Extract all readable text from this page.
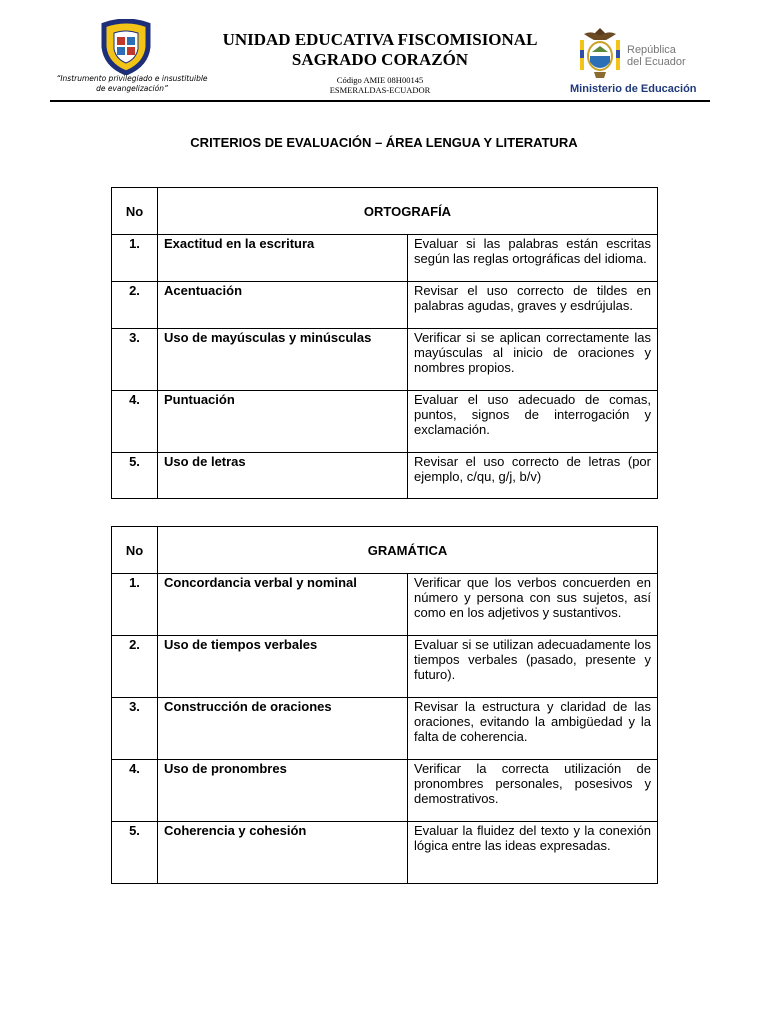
“Instrumento privilegiado e insustituible
de evangelización”
UNIDAD EDUCATIVA FISCOMISIONAL
SAGRADO CORAZÓN
Código AMIE 08H00145
ESMERALDAS-ECUADOR
República
del Ecuador
Ministerio de Educación
CRITERIOS DE EVALUACIÓN – ÁREA LENGUA Y LITERATURA
No	ORTOGRAFÍA	
1.	Exactitud en la escritura	Evaluar si las palabras están escritas según las reglas ortográficas del idioma.
2.	Acentuación	Revisar el uso correcto de tildes en palabras agudas, graves y esdrújulas.
3.	Uso de mayúsculas y minúsculas	Verificar si se aplican correctamente las mayúsculas al inicio de oraciones y nombres propios.
4.	Puntuación	Evaluar el uso adecuado de comas, puntos, signos de interrogación y exclamación.
5.	Uso de letras	Revisar el uso correcto de letras (por ejemplo, c/qu, g/j, b/v)
No	GRAMÁTICA	
1.	Concordancia verbal y nominal	Verificar que los verbos concuerden en número y persona con sus sujetos, así como en los adjetivos y sustantivos.
2.	Uso de tiempos verbales	Evaluar si se utilizan adecuadamente los tiempos verbales (pasado, presente y futuro).
3.	Construcción de oraciones	Revisar la estructura y claridad de las oraciones, evitando la ambigüedad y la falta de coherencia.
4.	Uso de pronombres	Verificar la correcta utilización de pronombres personales, posesivos y demostrativos.
5.	Coherencia y cohesión	Evaluar la fluidez del texto y la conexión lógica entre las ideas expresadas.
